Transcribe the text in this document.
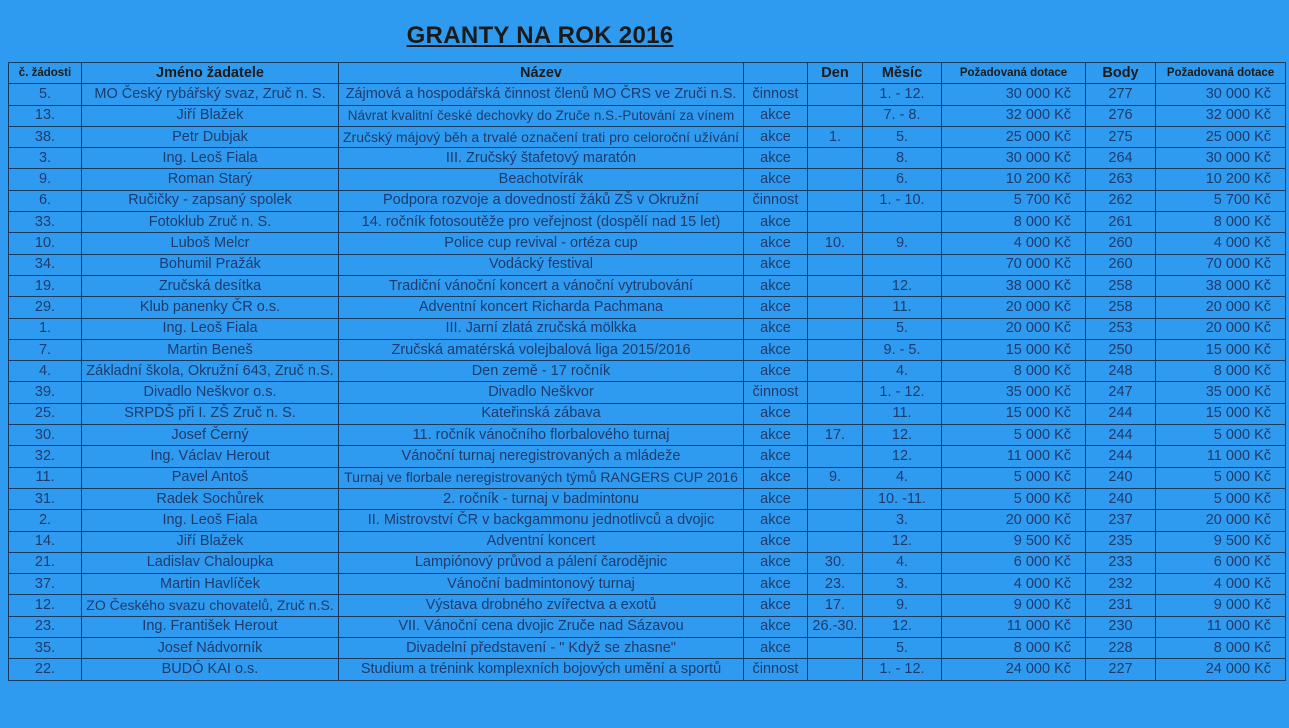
GRANTY NA ROK 2016
č. žádosti	Jméno žadatele	Název		Den	Měsíc	Požadovaná dotace	Body	Požadovaná dotace
5.	MO Český rybářský svaz, Zruč n. S.	Zájmová a hospodářská činnost členů MO ČRS ve Zruči n.S.	činnost		1. - 12.	30 000 Kč	277	30 000 Kč
13.	Jiří Blažek	Návrat kvalitní české dechovky do Zruče n.S.-Putování za vínem	akce		7. - 8.	32 000 Kč	276	32 000 Kč
38.	Petr Dubjak	Zručský májový běh a trvalé označení trati pro celoroční užívání	akce	1.	5.	25 000 Kč	275	25 000 Kč
3.	Ing. Leoš Fiala	III. Zručský štafetový maratón	akce		8.	30 000 Kč	264	30 000 Kč
9.	Roman Starý	Beachotvírák	akce		6.	10 200 Kč	263	10 200 Kč
6.	Ručičky - zapsaný spolek	Podpora rozvoje a dovedností žáků ZŠ v Okružní	činnost		1. - 10.	5 700 Kč	262	5 700 Kč
33.	Fotoklub Zruč n. S.	14. ročník fotosoutěže pro veřejnost (dospělí nad 15 let)	akce			8 000 Kč	261	8 000 Kč
10.	Luboš Melcr	Police cup revival - ortéza cup	akce	10.	9.	4 000 Kč	260	4 000 Kč
34.	Bohumil Pražák	Vodácký festival	akce			70 000 Kč	260	70 000 Kč
19.	Zručská desítka	Tradiční vánoční koncert a vánoční vytrubování	akce		12.	38 000 Kč	258	38 000 Kč
29.	Klub panenky ČR o.s.	Adventní koncert Richarda Pachmana	akce		11.	20 000 Kč	258	20 000 Kč
1.	Ing. Leoš Fiala	III. Jarní zlatá zručská mölkka	akce		5.	20 000 Kč	253	20 000 Kč
7.	Martin Beneš	Zručská amatérská volejbalová liga 2015/2016	akce		9. - 5.	15 000 Kč	250	15 000 Kč
4.	Základní škola, Okružní 643, Zruč n.S.	Den země - 17 ročník	akce		4.	8 000 Kč	248	8 000 Kč
39.	Divadlo Neškvor o.s.	Divadlo Neškvor	činnost		1. - 12.	35 000 Kč	247	35 000 Kč
25.	SRPDŠ při I. ZŠ Zruč n. S.	Kateřinská zábava	akce		11.	15 000 Kč	244	15 000 Kč
30.	Josef Černý	11. ročník vánočního florbalového turnaj	akce	17.	12.	5 000 Kč	244	5 000 Kč
32.	Ing. Václav Herout	Vánoční turnaj neregistrovaných a mládeže	akce		12.	11 000 Kč	244	11 000 Kč
11.	Pavel Antoš	Turnaj ve florbale neregistrovaných týmů RANGERS CUP 2016	akce	9.	4.	5 000 Kč	240	5 000 Kč
31.	Radek Sochůrek	2. ročník - turnaj v badmintonu	akce		10. -11.	5 000 Kč	240	5 000 Kč
2.	Ing. Leoš Fiala	II. Mistrovství ČR v backgammonu jednotlivců a dvojic	akce		3.	20 000 Kč	237	20 000 Kč
14.	Jiří Blažek	Adventní koncert	akce		12.	9 500 Kč	235	9 500 Kč
21.	Ladislav Chaloupka	Lampiónový průvod a pálení čarodějnic	akce	30.	4.	6 000 Kč	233	6 000 Kč
37.	Martin Havlíček	Vánoční badmintonový turnaj	akce	23.	3.	4 000 Kč	232	4 000 Kč
12.	ZO Českého svazu chovatelů, Zruč n.S.	Výstava drobného zvířectva a exotů	akce	17.	9.	9 000 Kč	231	9 000 Kč
23.	Ing. František Herout	VII. Vánoční cena dvojic Zruče nad Sázavou	akce	26.-30.	12.	11 000 Kč	230	11 000 Kč
35.	Josef Nádvorník	Divadelní představení - " Když se zhasne"	akce		5.	8 000 Kč	228	8 000 Kč
22.	BUDÓ KAI o.s.	Studium a trénink komplexních bojových umění a sportů	činnost		1. - 12.	24 000 Kč	227	24 000 Kč
